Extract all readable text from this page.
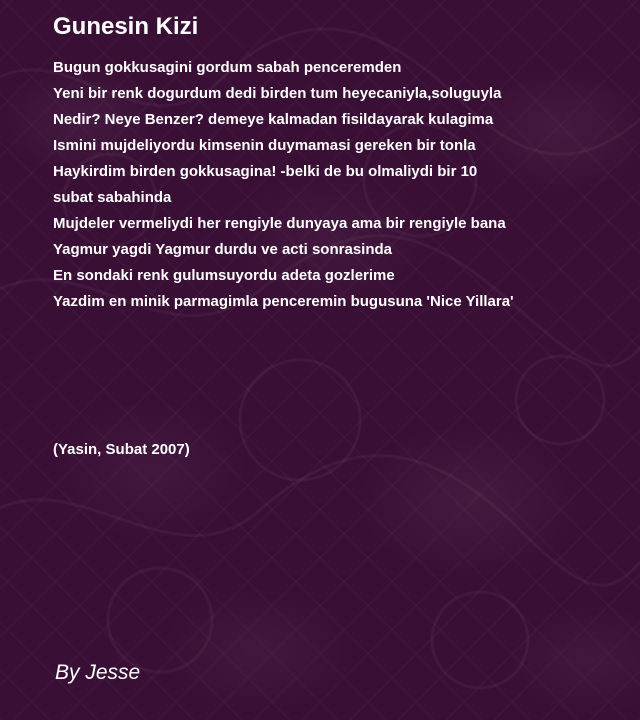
Gunesin Kizi
Bugun gokkusagini gordum sabah penceremden
Yeni bir renk dogurdum dedi birden tum heyecaniyla,soluguyla
Nedir? Neye Benzer? demeye kalmadan fisildayarak kulagima
Ismini mujdeliyordu kimsenin duymamasi gereken bir tonla
Haykirdim birden gokkusagina! -belki de bu olmaliydi bir 10
subat sabahinda
Mujdeler vermeliydi her rengiyle dunyaya ama bir rengiyle bana
Yagmur yagdi Yagmur durdu ve acti sonrasinda
En sondaki renk gulumsuyordu adeta gozlerime
Yazdim en minik parmagimla penceremin bugusuna 'Nice Yillara'
(Yasin, Subat 2007)
By Jesse
